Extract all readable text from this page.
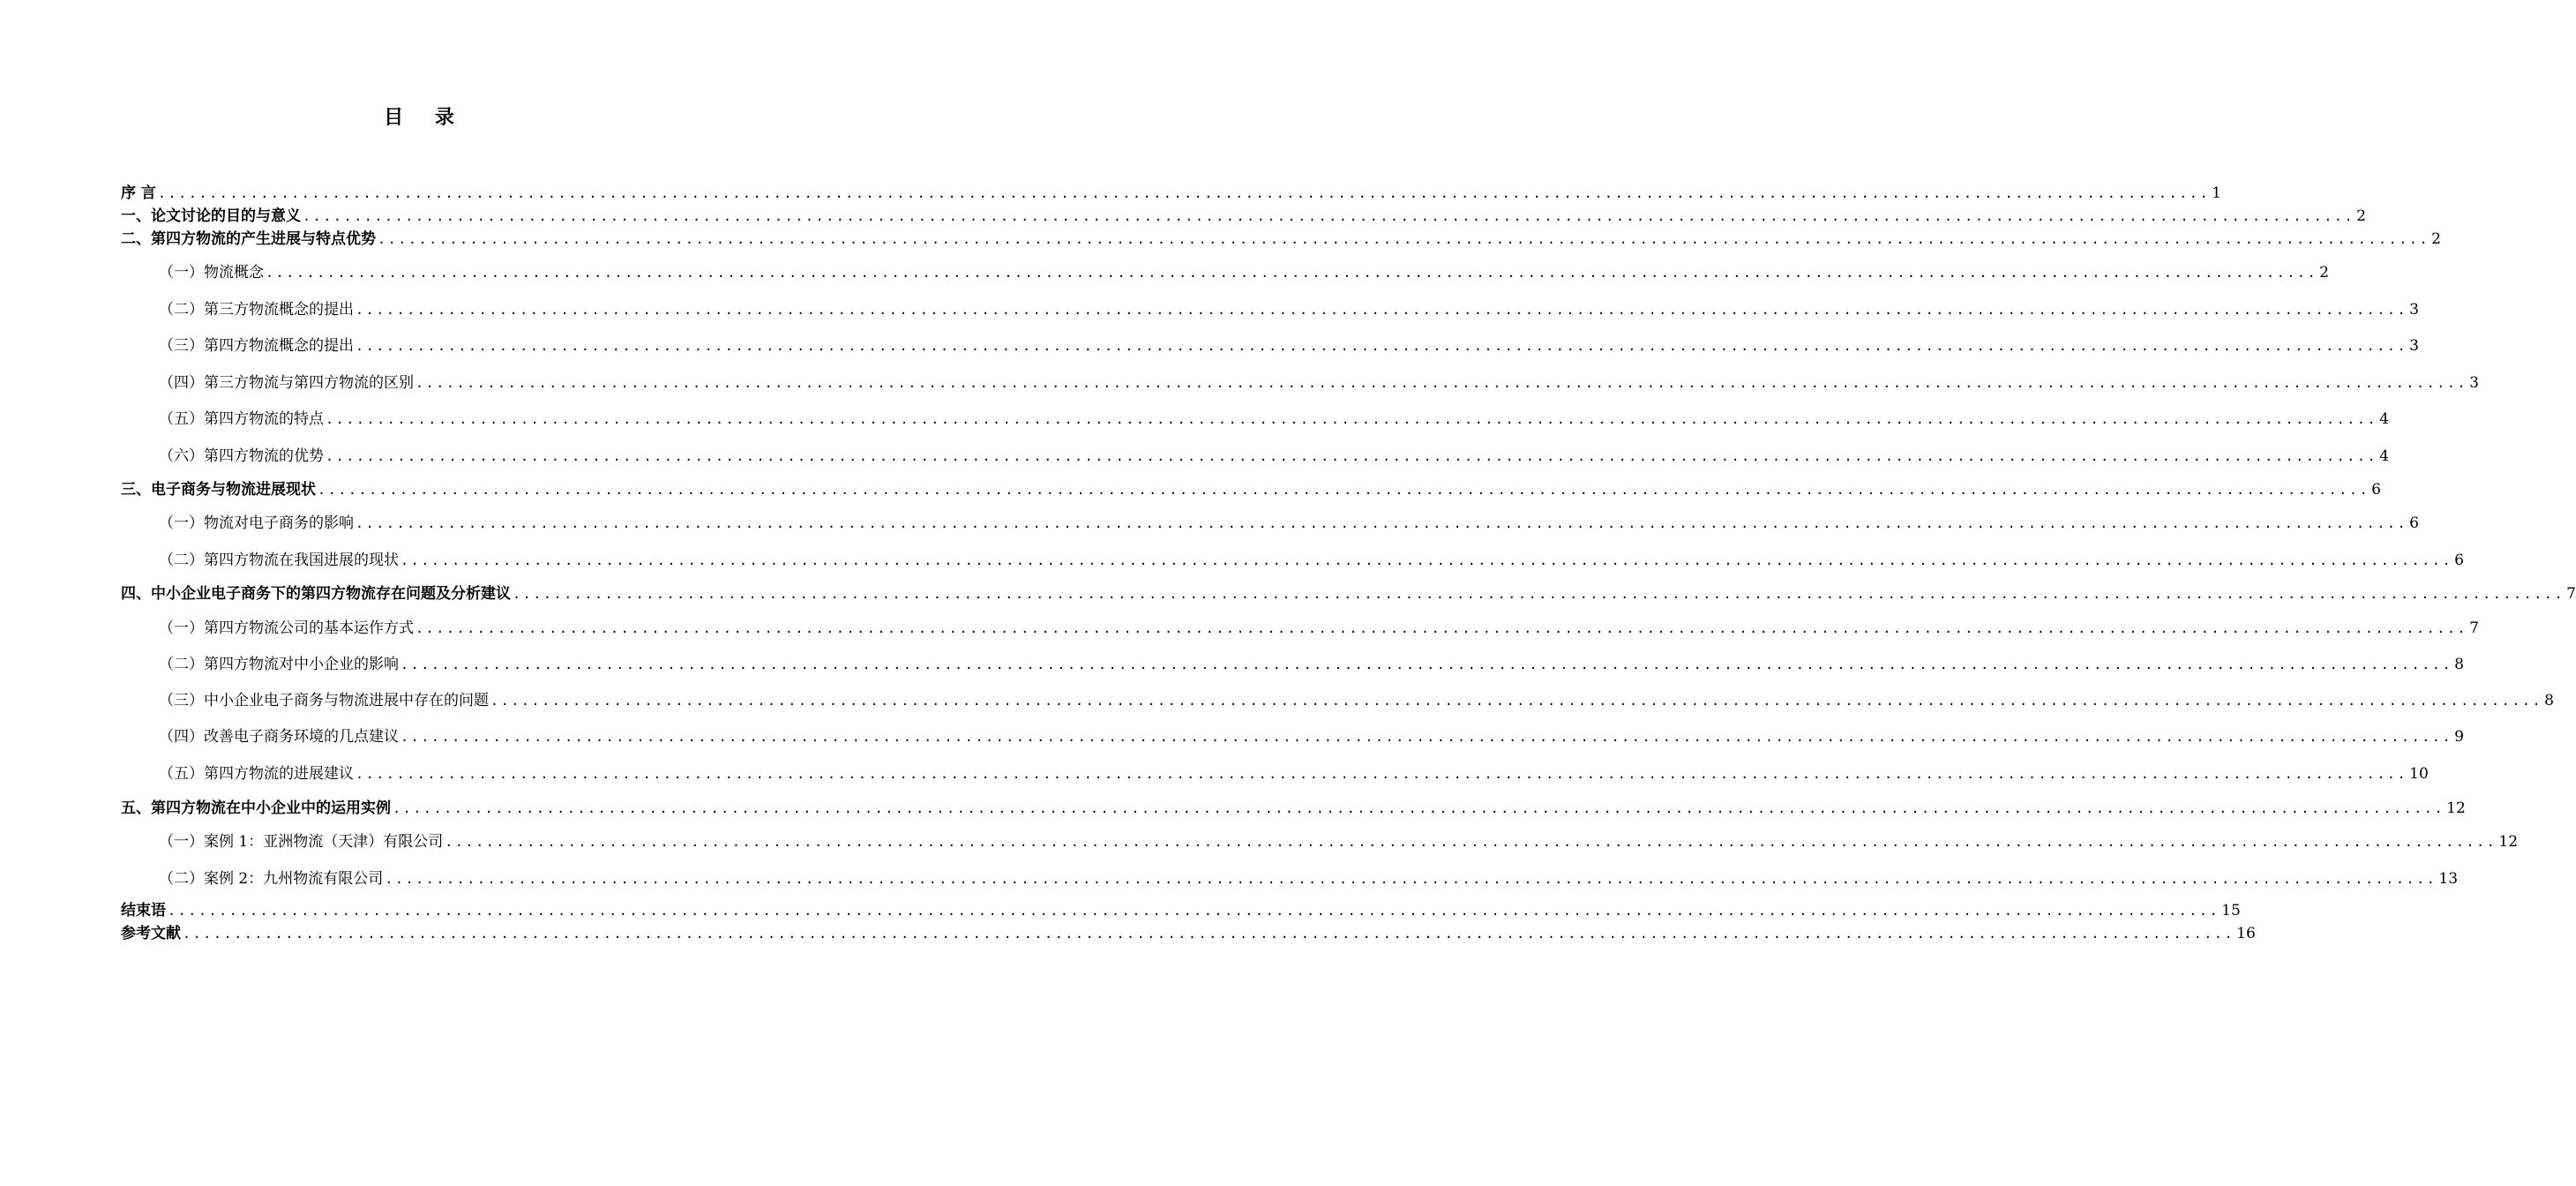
目 录
序 言 ........................................................................................................................................................................................................ 1
一、论文讨论的目的与意义 ........................................................................................................................................................................................................ 2
二、第四方物流的产生进展与特点优势 ........................................................................................................................................................................................................ 2
（一）物流概念 ........................................................................................................................................................................................................ 2
（二）第三方物流概念的提出 ........................................................................................................................................................................................................ 3
（三）第四方物流概念的提出 ........................................................................................................................................................................................................ 3
（四）第三方物流与第四方物流的区别 ........................................................................................................................................................................................................ 3
（五）第四方物流的特点 ........................................................................................................................................................................................................ 4
（六）第四方物流的优势 ........................................................................................................................................................................................................ 4
三、电子商务与物流进展现状 ........................................................................................................................................................................................................ 6
（一）物流对电子商务的影响 ........................................................................................................................................................................................................ 6
（二）第四方物流在我国进展的现状 ........................................................................................................................................................................................................ 6
四、中小企业电子商务下的第四方物流存在问题及分析建议 ........................................................................................................................................................................................................ 7
（一）第四方物流公司的基本运作方式 ........................................................................................................................................................................................................ 7
（二）第四方物流对中小企业的影响 ........................................................................................................................................................................................................ 8
（三）中小企业电子商务与物流进展中存在的问题 ........................................................................................................................................................................................................ 8
（四）改善电子商务环境的几点建议 ........................................................................................................................................................................................................ 9
（五）第四方物流的进展建议 ........................................................................................................................................................................................................ 10
五、第四方物流在中小企业中的运用实例 ........................................................................................................................................................................................................ 12
（一）案例 1：亚洲物流（天津）有限公司 ........................................................................................................................................................................................................ 12
（二）案例 2：九州物流有限公司 ........................................................................................................................................................................................................ 13
结束语 ........................................................................................................................................................................................................ 15
参考文献 ........................................................................................................................................................................................................ 16
